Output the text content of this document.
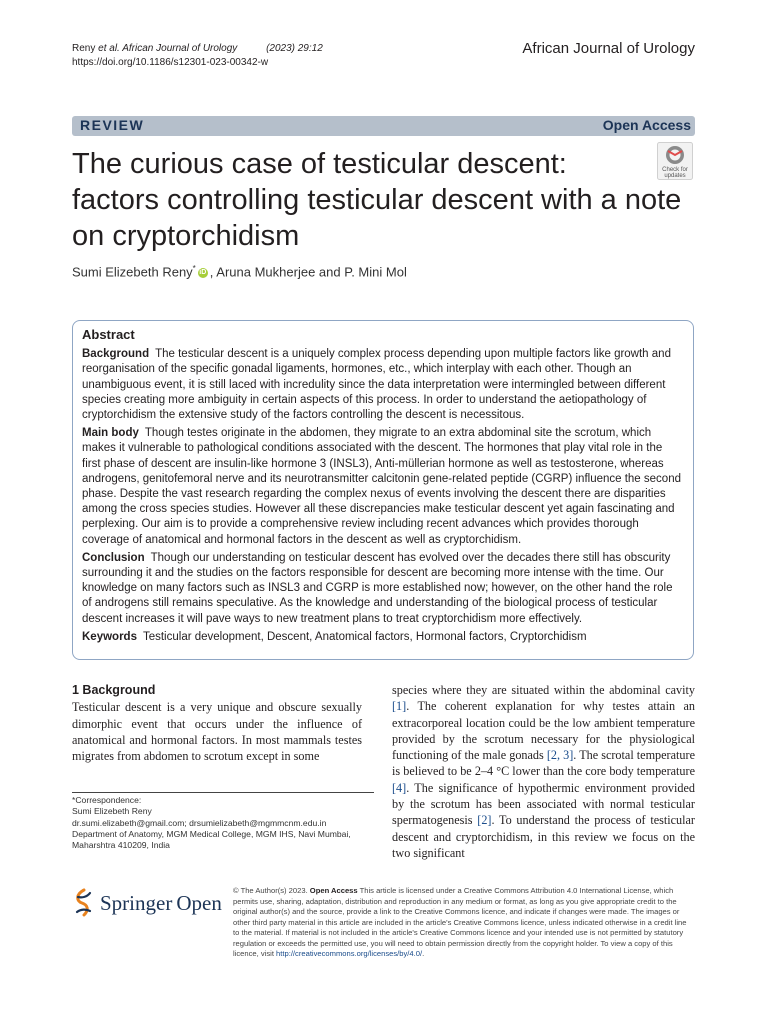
Reny et al. African Journal of Urology	(2023) 29:12
https://doi.org/10.1186/s12301-023-00342-w
African Journal of Urology
REVIEW	Open Access
The curious case of testicular descent:
factors controlling testicular descent with a note
on cryptorchidism
Check for
updates
Sumi Elizebeth Reny* iD , Aruna Mukherjee and P. Mini Mol
Abstract
Background The testicular descent is a uniquely complex process depending upon multiple factors like growth and reorganisation of the specific gonadal ligaments, hormones, etc., which interplay with each other. Though an unambiguous event, it is still laced with incredulity since the data interpretation were intermingled between different species creating more ambiguity in certain aspects of this process. In order to understand the aetiopathology of cryptorchidism the extensive study of the factors controlling the descent is necessitous.
Main body Though testes originate in the abdomen, they migrate to an extra abdominal site the scrotum, which makes it vulnerable to pathological conditions associated with the descent. The hormones that play vital role in the first phase of descent are insulin-like hormone 3 (INSL3), Anti-müllerian hormone as well as testosterone, whereas androgens, genitofemoral nerve and its neurotransmitter calcitonin gene-related peptide (CGRP) influence the second phase. Despite the vast research regarding the complex nexus of events involving the descent there are disparities among the cross species studies. However all these discrepancies make testicular descent yet again fascinating and perplexing. Our aim is to provide a comprehensive review including recent advances which provides thorough coverage of anatomical and hormonal factors in the descent as well as cryptorchidism.
Conclusion Though our understanding on testicular descent has evolved over the decades there still has obscurity surrounding it and the studies on the factors responsible for descent are becoming more intense with the time. Our knowledge on many factors such as INSL3 and CGRP is more established now; however, on the other hand the role of androgens still remains speculative. As the knowledge and understanding of the biological process of testicular descent increases it will pave ways to new treatment plans to treat cryptorchidism more effectively.
Keywords Testicular development, Descent, Anatomical factors, Hormonal factors, Cryptorchidism
1 Background
Testicular descent is a very unique and obscure sexually dimorphic event that occurs under the influence of anatomical and hormonal factors. In most mammals testes migrates from abdomen to scrotum except in some
species where they are situated within the abdominal cavity [1]. The coherent explanation for why testes attain an extracorporeal location could be the low ambient temperature provided by the scrotum necessary for the physiological functioning of the male gonads [2, 3]. The scrotal temperature is believed to be 2–4 °C lower than the core body temperature [4]. The significance of hypothermic environment provided by the scrotum has been associated with normal testicular spermatogenesis [2]. To understand the process of testicular descent and cryptorchidism, in this review we focus on the two significant
*Correspondence:
Sumi Elizebeth Reny
dr.sumi.elizabeth@gmail.com; drsumielizabeth@mgmmcnm.edu.in
Department of Anatomy, MGM Medical College, MGM IHS, Navi Mumbai,
Maharshtra 410209, India
Springer Open © The Author(s) 2023. Open Access This article is licensed under a Creative Commons Attribution 4.0 International License, which permits use, sharing, adaptation, distribution and reproduction in any medium or format, as long as you give appropriate credit to the original author(s) and the source, provide a link to the Creative Commons licence, and indicate if changes were made. The images or other third party material in this article are included in the article's Creative Commons licence, unless indicated otherwise in a credit line to the material. If material is not included in the article's Creative Commons licence and your intended use is not permitted by statutory regulation or exceeds the permitted use, you will need to obtain permission directly from the copyright holder. To view a copy of this licence, visit http://creativecommons.org/licenses/by/4.0/.
